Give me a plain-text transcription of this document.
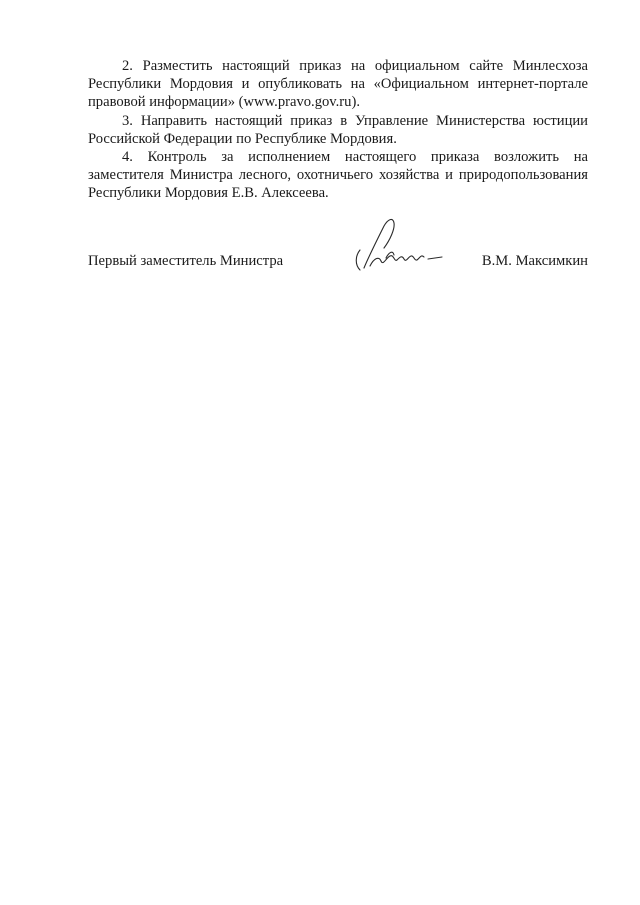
2. Разместить настоящий приказ на официальном сайте Минлесхоза Республики Мордовия и опубликовать на «Официальном интернет-портале правовой информации» (www.pravo.gov.ru).

3. Направить настоящий приказ в Управление Министерства юстиции Российской Федерации по Республике Мордовия.

4. Контроль за исполнением настоящего приказа возложить на заместителя Министра лесного, охотничьего хозяйства и природопользования Республики Мордовия Е.В. Алексеева.

Первый заместитель Министра	В.М. Максимкин
